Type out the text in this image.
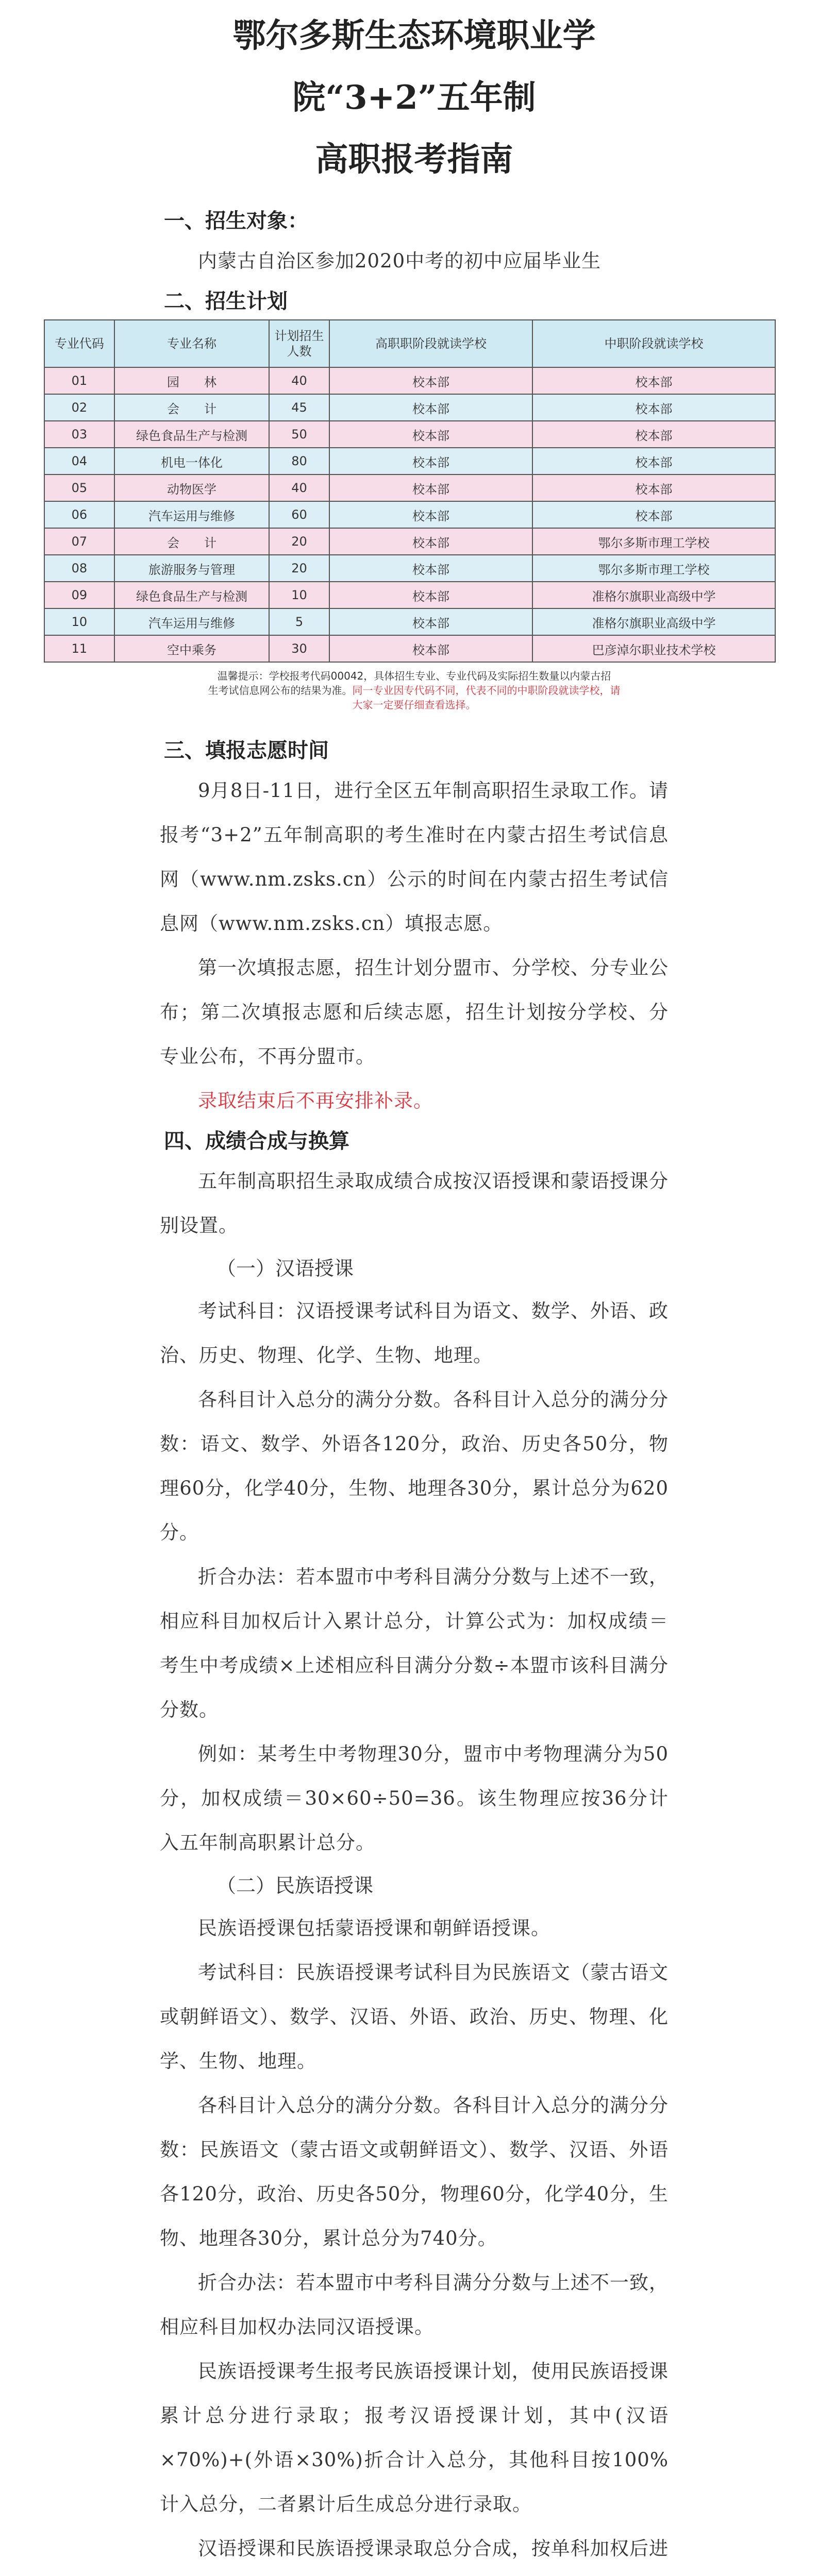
鄂尔多斯生态环境职业学院“3+2”五年制

高职报考指南

一、招生对象：

内蒙古自治区参加2020中考的初中应届毕业生

二、招生计划

专业代码	专业名称	计划招生人数	高职职阶段就读学校	中职阶段就读学校
01	园　　林	40	校本部	校本部
02	会　　计	45	校本部	校本部
03	绿色食品生产与检测	50	校本部	校本部
04	机电一体化	80	校本部	校本部
05	动物医学	40	校本部	校本部
06	汽车运用与维修	60	校本部	校本部
07	会　　计	20	校本部	鄂尔多斯市理工学校
08	旅游服务与管理	20	校本部	鄂尔多斯市理工学校
09	绿色食品生产与检测	10	校本部	准格尔旗职业高级中学
10	汽车运用与维修	5	校本部	准格尔旗职业高级中学
11	空中乘务	30	校本部	巴彦淖尔职业技术学校

温馨提示：学校报考代码00042，具体招生专业、专业代码及实际招生数量以内蒙古招
生考试信息网公布的结果为准。同一专业因专代码不同，代表不同的中职阶段就读学校，请
大家一定要仔细查看选择。

三、填报志愿时间

9月8日-11日，进行全区五年制高职招生录取工作。请报考“3+2”五年制高职的考生准时在内蒙古招生考试信息网（www.nm.zsks.cn）公示的时间在内蒙古招生考试信息网（www.nm.zsks.cn）填报志愿。

第一次填报志愿，招生计划分盟市、分学校、分专业公布；第二次填报志愿和后续志愿，招生计划按分学校、分专业公布，不再分盟市。

录取结束后不再安排补录。

四、成绩合成与换算

五年制高职招生录取成绩合成按汉语授课和蒙语授课分别设置。

（一）汉语授课

考试科目：汉语授课考试科目为语文、数学、外语、政治、历史、物理、化学、生物、地理。

各科目计入总分的满分分数。各科目计入总分的满分分数：语文、数学、外语各120分，政治、历史各50分，物理60分，化学40分，生物、地理各30分，累计总分为620分。

折合办法：若本盟市中考科目满分分数与上述不一致，相应科目加权后计入累计总分，计算公式为：加权成绩＝考生中考成绩×上述相应科目满分分数÷本盟市该科目满分分数。

例如：某考生中考物理30分，盟市中考物理满分为50分，加权成绩＝30×60÷50=36。该生物理应按36分计入五年制高职累计总分。

（二）民族语授课

民族语授课包括蒙语授课和朝鲜语授课。

考试科目：民族语授课考试科目为民族语文（蒙古语文或朝鲜语文）、数学、汉语、外语、政治、历史、物理、化学、生物、地理。

各科目计入总分的满分分数。各科目计入总分的满分分数：民族语文（蒙古语文或朝鲜语文）、数学、汉语、外语各120分，政治、历史各50分，物理60分，化学40分，生物、地理各30分，累计总分为740分。

折合办法：若本盟市中考科目满分分数与上述不一致，相应科目加权办法同汉语授课。

民族语授课考生报考民族语授课计划，使用民族语授课累计总分进行录取；报考汉语授课计划，其中(汉语×70%)+(外语×30%)折合计入总分，其他科目按100%计入总分，二者累计后生成总分进行录取。

汉语授课和民族语授课录取总分合成，按单科加权后进
